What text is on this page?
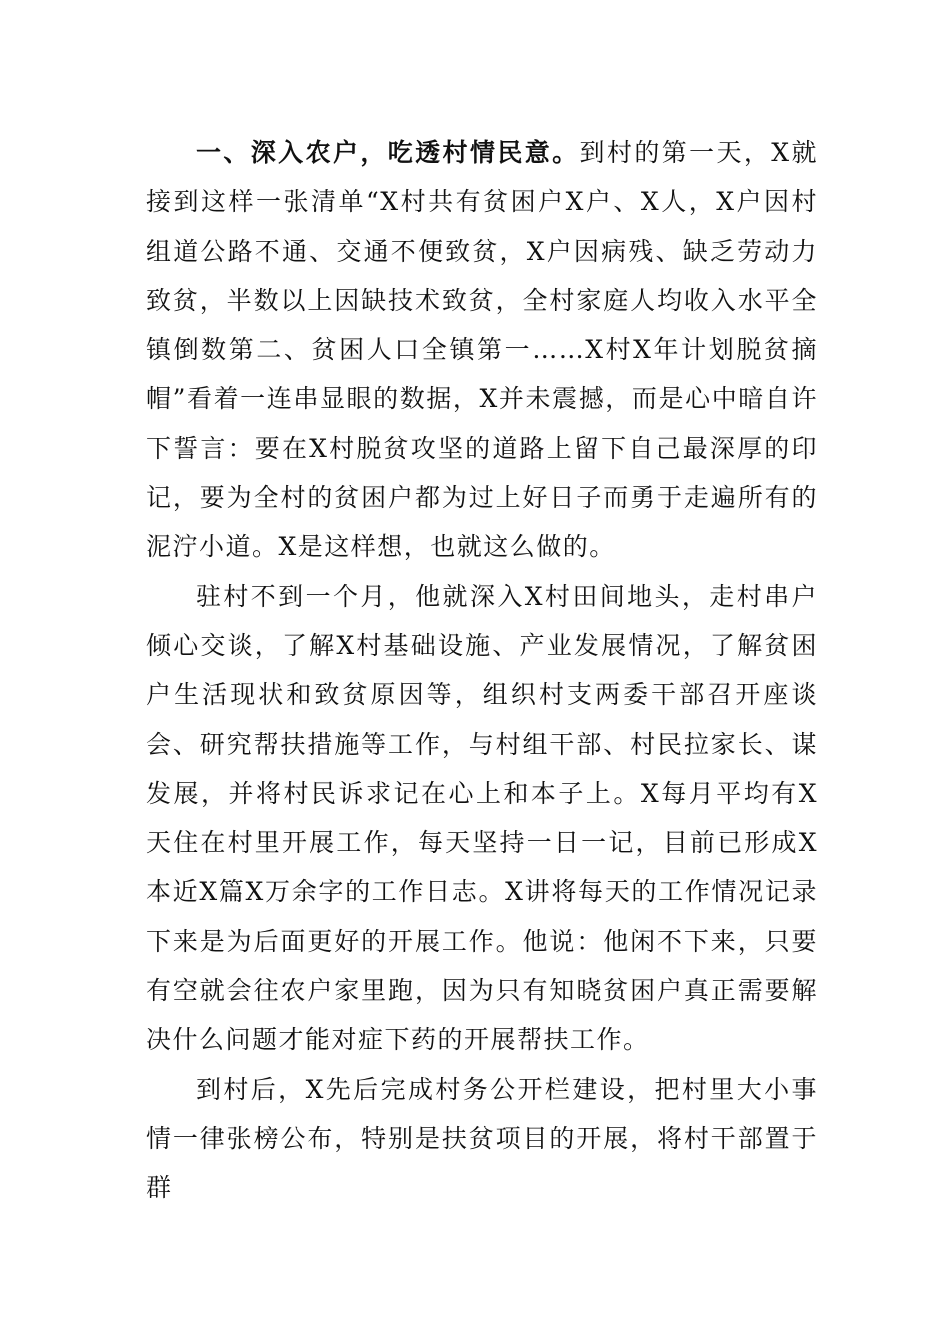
一、深入农户，吃透村情民意。到村的第一天，X就接到这样一张清单“X村共有贫困户X户、X人，X户因村组道公路不通、交通不便致贫，X户因病残、缺乏劳动力致贫，半数以上因缺技术致贫，全村家庭人均收入水平全镇倒数第二、贫困人口全镇第一……X村X年计划脱贫摘帽”看着一连串显眼的数据，X并未震撼，而是心中暗自许下誓言：要在X村脱贫攻坚的道路上留下自己最深厚的印记，要为全村的贫困户都为过上好日子而勇于走遍所有的泥泞小道。X是这样想，也就这么做的。

驻村不到一个月，他就深入X村田间地头，走村串户倾心交谈，了解X村基础设施、产业发展情况，了解贫困户生活现状和致贫原因等，组织村支两委干部召开座谈会、研究帮扶措施等工作，与村组干部、村民拉家长、谋发展，并将村民诉求记在心上和本子上。X每月平均有X天住在村里开展工作，每天坚持一日一记，目前已形成X本近X篇X万余字的工作日志。X讲将每天的工作情况记录下来是为后面更好的开展工作。他说：他闲不下来，只要有空就会往农户家里跑，因为只有知晓贫困户真正需要解决什么问题才能对症下药的开展帮扶工作。

到村后，X先后完成村务公开栏建设，把村里大小事情一律张榜公布，特别是扶贫项目的开展，将村干部置于群
